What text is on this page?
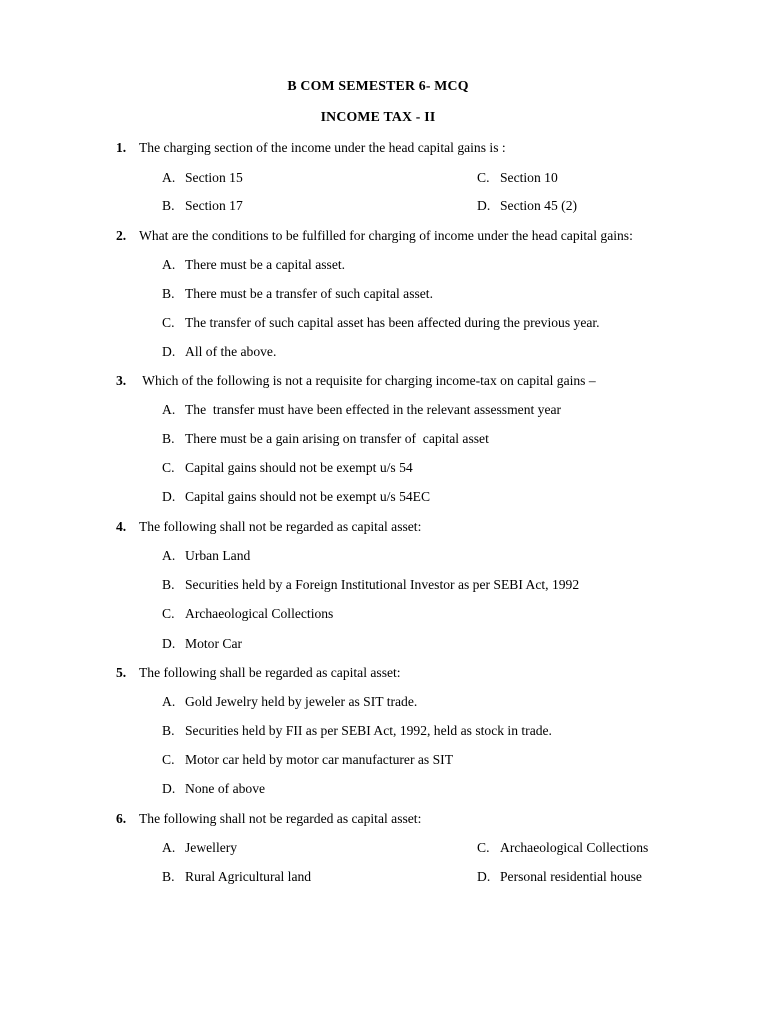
B COM SEMESTER 6- MCQ
INCOME TAX - II
1. The charging section of the income under the head capital gains is :
A. Section 15
B. Section 17
C. Section 10
D. Section 45 (2)
2. What are the conditions to be fulfilled for charging of income under the head capital gains:
A. There must be a capital asset.
B. There must be a transfer of such capital asset.
C. The transfer of such capital asset has been affected during the previous year.
D. All of the above.
3. Which of the following is not a requisite for charging income-tax on capital gains –
A. The  transfer must have been effected in the relevant assessment year
B. There must be a gain arising on transfer of  capital asset
C. Capital gains should not be exempt u/s 54
D. Capital gains should not be exempt u/s 54EC
4. The following shall not be regarded as capital asset:
A. Urban Land
B. Securities held by a Foreign Institutional Investor as per SEBI Act, 1992
C. Archaeological Collections
D. Motor Car
5. The following shall be regarded as capital asset:
A. Gold Jewelry held by jeweler as SIT trade.
B. Securities held by FII as per SEBI Act, 1992, held as stock in trade.
C. Motor car held by motor car manufacturer as SIT
D. None of above
6. The following shall not be regarded as capital asset:
A. Jewellery
B. Rural Agricultural land
C. Archaeological Collections
D. Personal residential house
